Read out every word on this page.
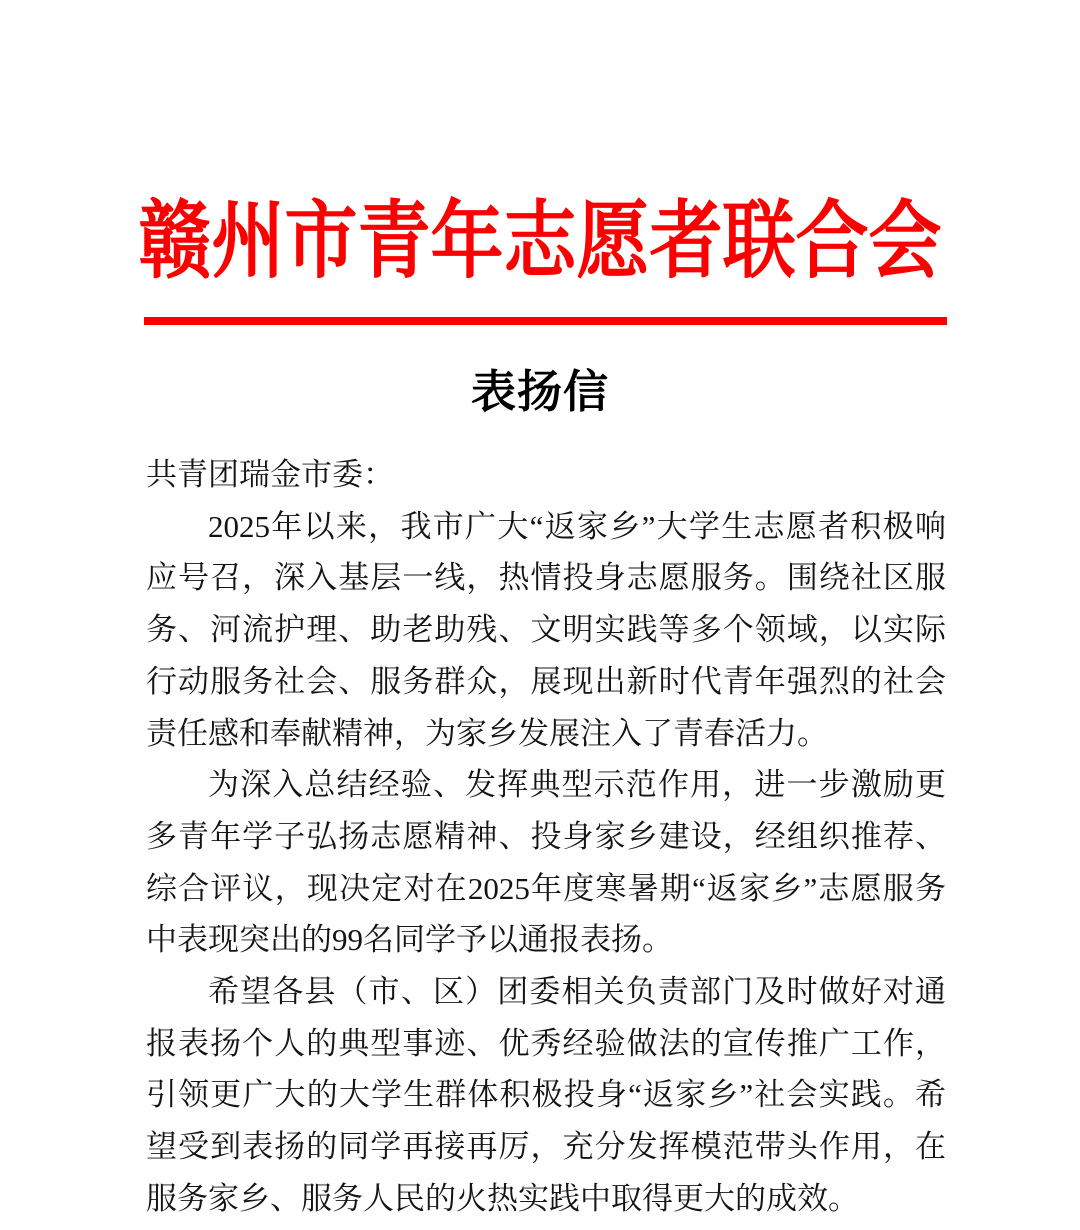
赣州市青年志愿者联合会
表扬信

共青团瑞金市委：

2025年以来，我市广大“返家乡”大学生志愿者积极响应号召，深入基层一线，热情投身志愿服务。围绕社区服务、河流护理、助老助残、文明实践等多个领域，以实际行动服务社会、服务群众，展现出新时代青年强烈的社会责任感和奉献精神，为家乡发展注入了青春活力。

为深入总结经验、发挥典型示范作用，进一步激励更多青年学子弘扬志愿精神、投身家乡建设，经组织推荐、综合评议，现决定对在2025年度寒暑期“返家乡”志愿服务中表现突出的99名同学予以通报表扬。

希望各县（市、区）团委相关负责部门及时做好对通报表扬个人的典型事迹、优秀经验做法的宣传推广工作，引领更广大的大学生群体积极投身“返家乡”社会实践。希望受到表扬的同学再接再厉，充分发挥模范带头作用，在服务家乡、服务人民的火热实践中取得更大的成效。
